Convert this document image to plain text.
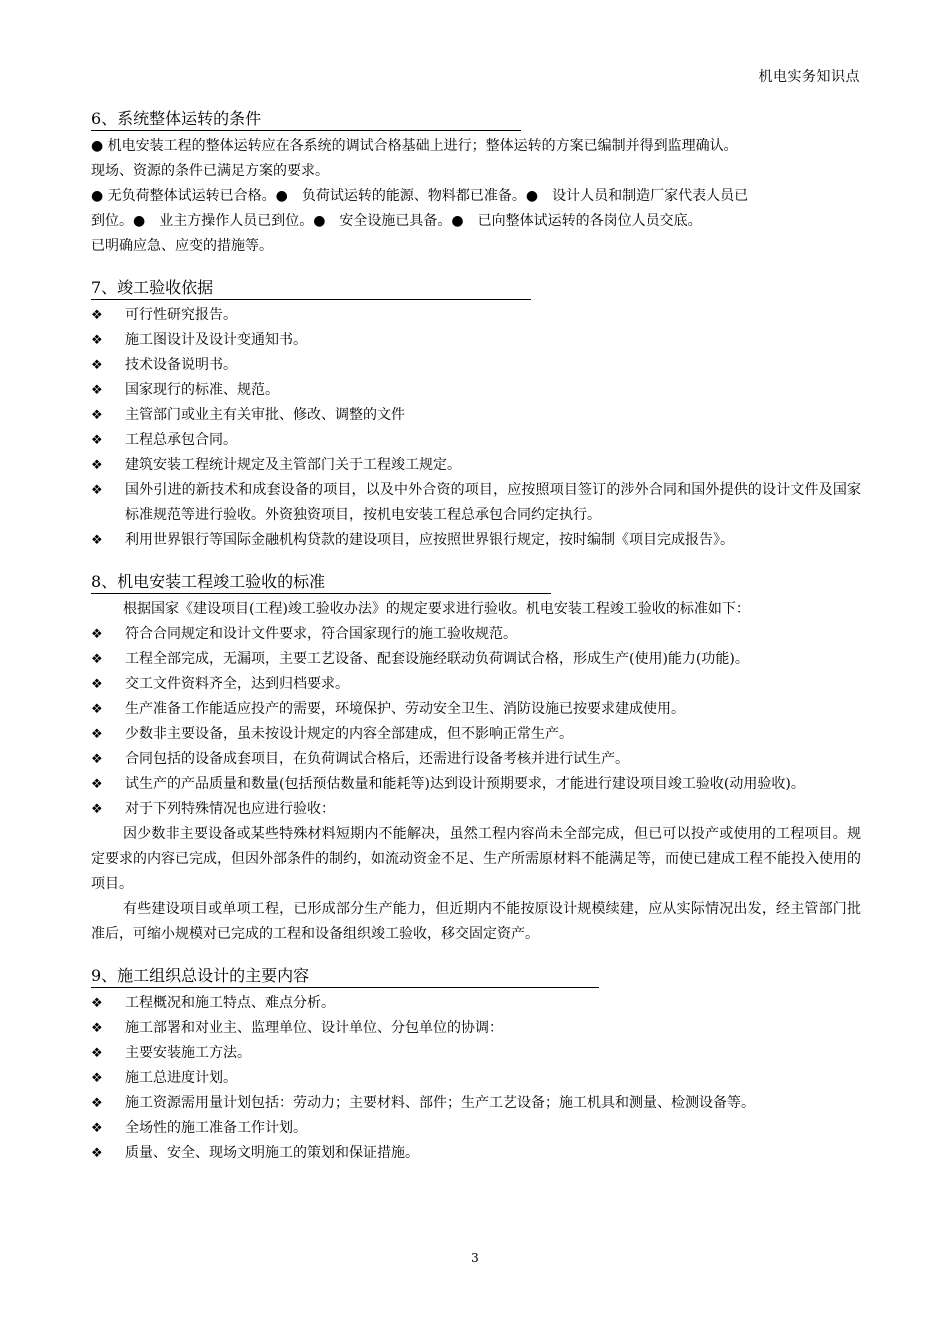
机电实务知识点
6、系统整体运转的条件
● 机电安装工程的整体运转应在各系统的调试合格基础上进行；整体运转的方案已编制并得到监理确认。
现场、资源的条件已满足方案的要求。
● 无负荷整体试运转已合格。●　负荷试运转的能源、物料都已准备。●　设计人员和制造厂家代表人员已
到位。●　业主方操作人员已到位。●　安全设施已具备。●　已向整体试运转的各岗位人员交底。
已明确应急、应变的措施等。
7、竣工验收依据
❖ 可行性研究报告。
❖ 施工图设计及设计变通知书。
❖ 技术设备说明书。
❖ 国家现行的标准、规范。
❖ 主管部门或业主有关审批、修改、调整的文件
❖ 工程总承包合同。
❖ 建筑安装工程统计规定及主管部门关于工程竣工规定。
❖ 国外引进的新技术和成套设备的项目，以及中外合资的项目，应按照项目签订的涉外合同和国外提供的设计文件及国家标准规范等进行验收。外资独资项目，按机电安装工程总承包合同约定执行。
❖ 利用世界银行等国际金融机构贷款的建设项目，应按照世界银行规定，按时编制《项目完成报告》。
8、机电安装工程竣工验收的标准
根据国家《建设项目(工程)竣工验收办法》的规定要求进行验收。机电安装工程竣工验收的标准如下：
❖ 符合合同规定和设计文件要求，符合国家现行的施工验收规范。
❖ 工程全部完成，无漏项，主要工艺设备、配套设施经联动负荷调试合格，形成生产(使用)能力(功能)。
❖ 交工文件资料齐全，达到归档要求。
❖ 生产准备工作能适应投产的需要，环境保护、劳动安全卫生、消防设施已按要求建成使用。
❖ 少数非主要设备，虽未按设计规定的内容全部建成，但不影响正常生产。
❖ 合同包括的设备成套项目，在负荷调试合格后，还需进行设备考核并进行试生产。
❖ 试生产的产品质量和数量(包括预估数量和能耗等)达到设计预期要求，才能进行建设项目竣工验收(动用验收)。
❖ 对于下列特殊情况也应进行验收：
因少数非主要设备或某些特殊材料短期内不能解决，虽然工程内容尚未全部完成，但已可以投产或使用的工程项目。规定要求的内容已完成，但因外部条件的制约，如流动资金不足、生产所需原材料不能满足等，而使已建成工程不能投入使用的项目。
有些建设项目或单项工程，已形成部分生产能力，但近期内不能按原设计规模续建，应从实际情况出发，经主管部门批准后，可缩小规模对已完成的工程和设备组织竣工验收，移交固定资产。
9、施工组织总设计的主要内容
❖ 工程概况和施工特点、难点分析。
❖ 施工部署和对业主、监理单位、设计单位、分包单位的协调：
❖ 主要安装施工方法。
❖ 施工总进度计划。
❖ 施工资源需用量计划包括：劳动力；主要材料、部件；生产工艺设备；施工机具和测量、检测设备等。
❖ 全场性的施工准备工作计划。
❖ 质量、安全、现场文明施工的策划和保证措施。
3
